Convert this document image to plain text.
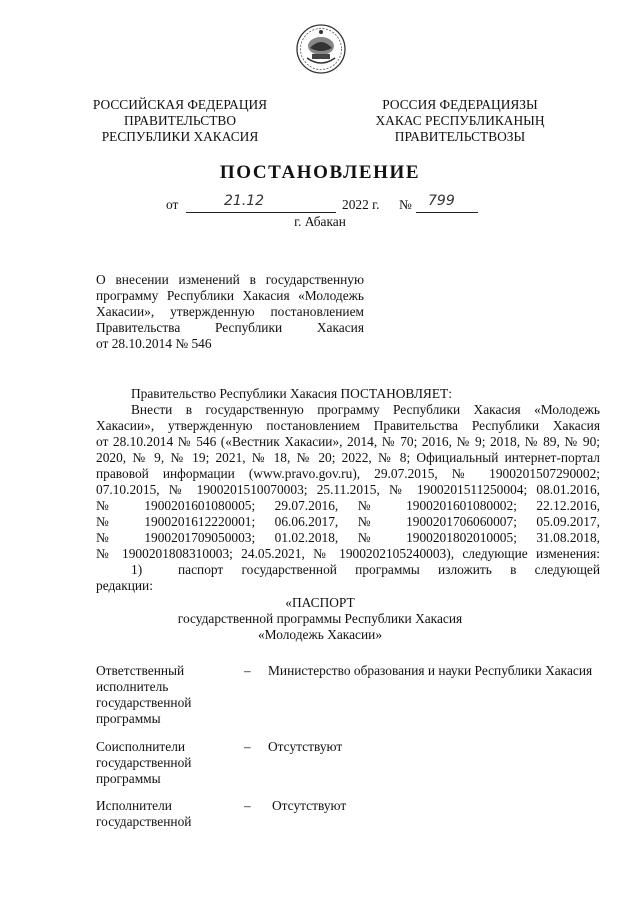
РОССИЙСКАЯ ФЕДЕРАЦИЯ
ПРАВИТЕЛЬСТВО
РЕСПУБЛИКИ ХАКАСИЯ
РОССИЯ ФЕДЕРАЦИЯЗЫ
ХАКАС РЕСПУБЛИКАНЫҢ
ПРАВИТЕЛЬСТВОЗЫ
ПОСТАНОВЛЕНИЕ
от	21.12	2022 г. № 799
г. Абакан
О внесении изменений в государственную
программу Республики Хакасия «Молодежь
Хакасии», утвержденную постановлением
Правительства Республики Хакасия
от 28.10.2014 № 546
Правительство Республики Хакасия ПОСТАНОВЛЯЕТ:
Внести в государственную программу Республики Хакасия «Молодежь
Хакасии», утвержденную постановлением Правительства Республики Хакасия
от 28.10.2014 № 546 («Вестник Хакасии», 2014, № 70; 2016, № 9; 2018, № 89, № 90;
2020, № 9, № 19; 2021, № 18, № 20; 2022, № 8; Официальный интернет-портал
правовой информации (www.pravo.gov.ru), 29.07.2015, № 1900201507290002;
07.10.2015, № 1900201510070003; 25.11.2015, № 1900201511250004; 08.01.2016,
№ 1900201601080005; 29.07.2016, № 1900201601080002; 22.12.2016,
№ 1900201612220001; 06.06.2017, № 1900201706060007; 05.09.2017,
№ 1900201709050003; 01.02.2018, № 1900201802010005; 31.08.2018,
№ 1900201808310003; 24.05.2021, № 1900202105240003), следующие изменения:
1)	паспорт государственной программы изложить в следующей
редакции:
«ПАСПОРТ
государственной программы Республики Хакасия
«Молодежь Хакасии»
Ответственный
исполнитель
государственной
программы
– Министерство образования и науки Республики Хакасия
Соисполнители
государственной
программы
– Отсутствуют
Исполнители
государственной
– Отсутствуют
